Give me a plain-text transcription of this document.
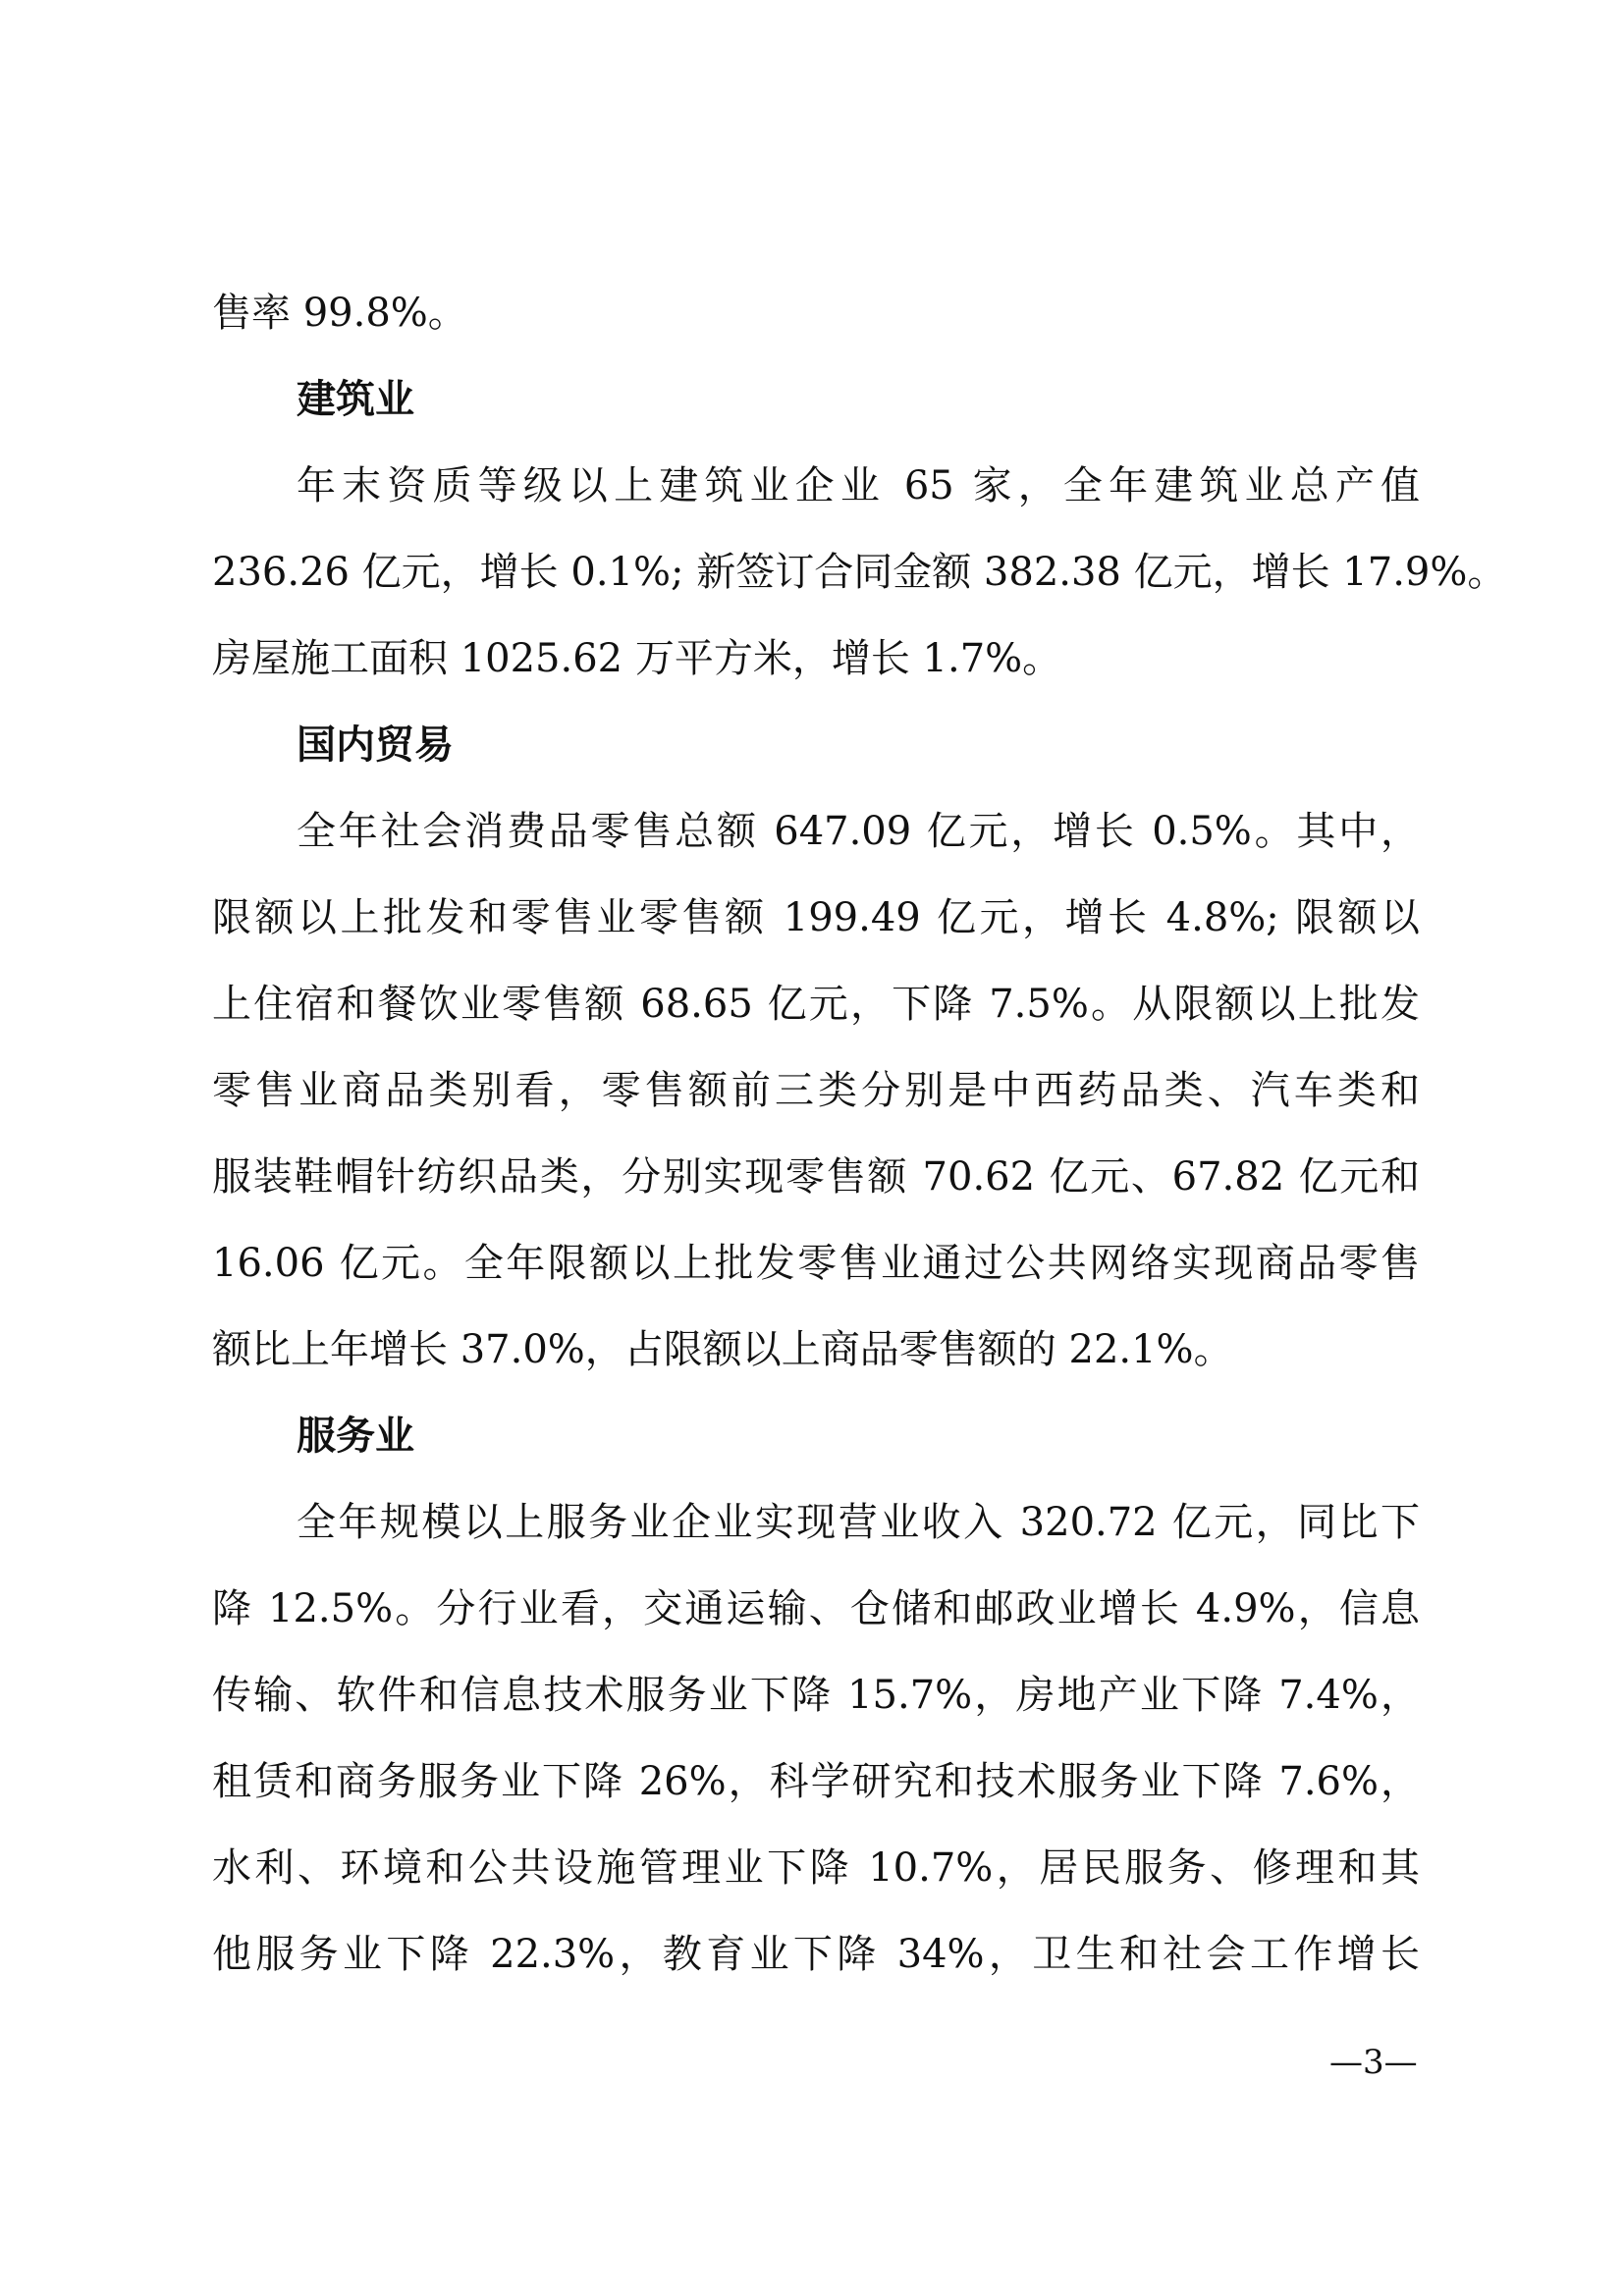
售率 99.8%。
建筑业
年末资质等级以上建筑业企业 65 家，全年建筑业总产值
236.26 亿元，增长 0.1%; 新签订合同金额 382.38 亿元，增长 17.9%。
房屋施工面积 1025.62 万平方米，增长 1.7%。
国内贸易
全年社会消费品零售总额 647.09 亿元，增长 0.5%。其中，
限额以上批发和零售业零售额 199.49 亿元，增长 4.8%; 限额以
上住宿和餐饮业零售额 68.65 亿元，下降 7.5%。从限额以上批发
零售业商品类别看，零售额前三类分别是中西药品类、汽车类和
服装鞋帽针纺织品类，分别实现零售额 70.62 亿元、67.82 亿元和
16.06 亿元。全年限额以上批发零售业通过公共网络实现商品零售
额比上年增长 37.0%，占限额以上商品零售额的 22.1%。
服务业
全年规模以上服务业企业实现营业收入 320.72 亿元，同比下
降 12.5%。分行业看，交通运输、仓储和邮政业增长 4.9%，信息
传输、软件和信息技术服务业下降 15.7%，房地产业下降 7.4%，
租赁和商务服务业下降 26%，科学研究和技术服务业下降 7.6%，
水利、环境和公共设施管理业下降 10.7%，居民服务、修理和其
他服务业下降 22.3%，教育业下降 34%，卫生和社会工作增长
—3—
